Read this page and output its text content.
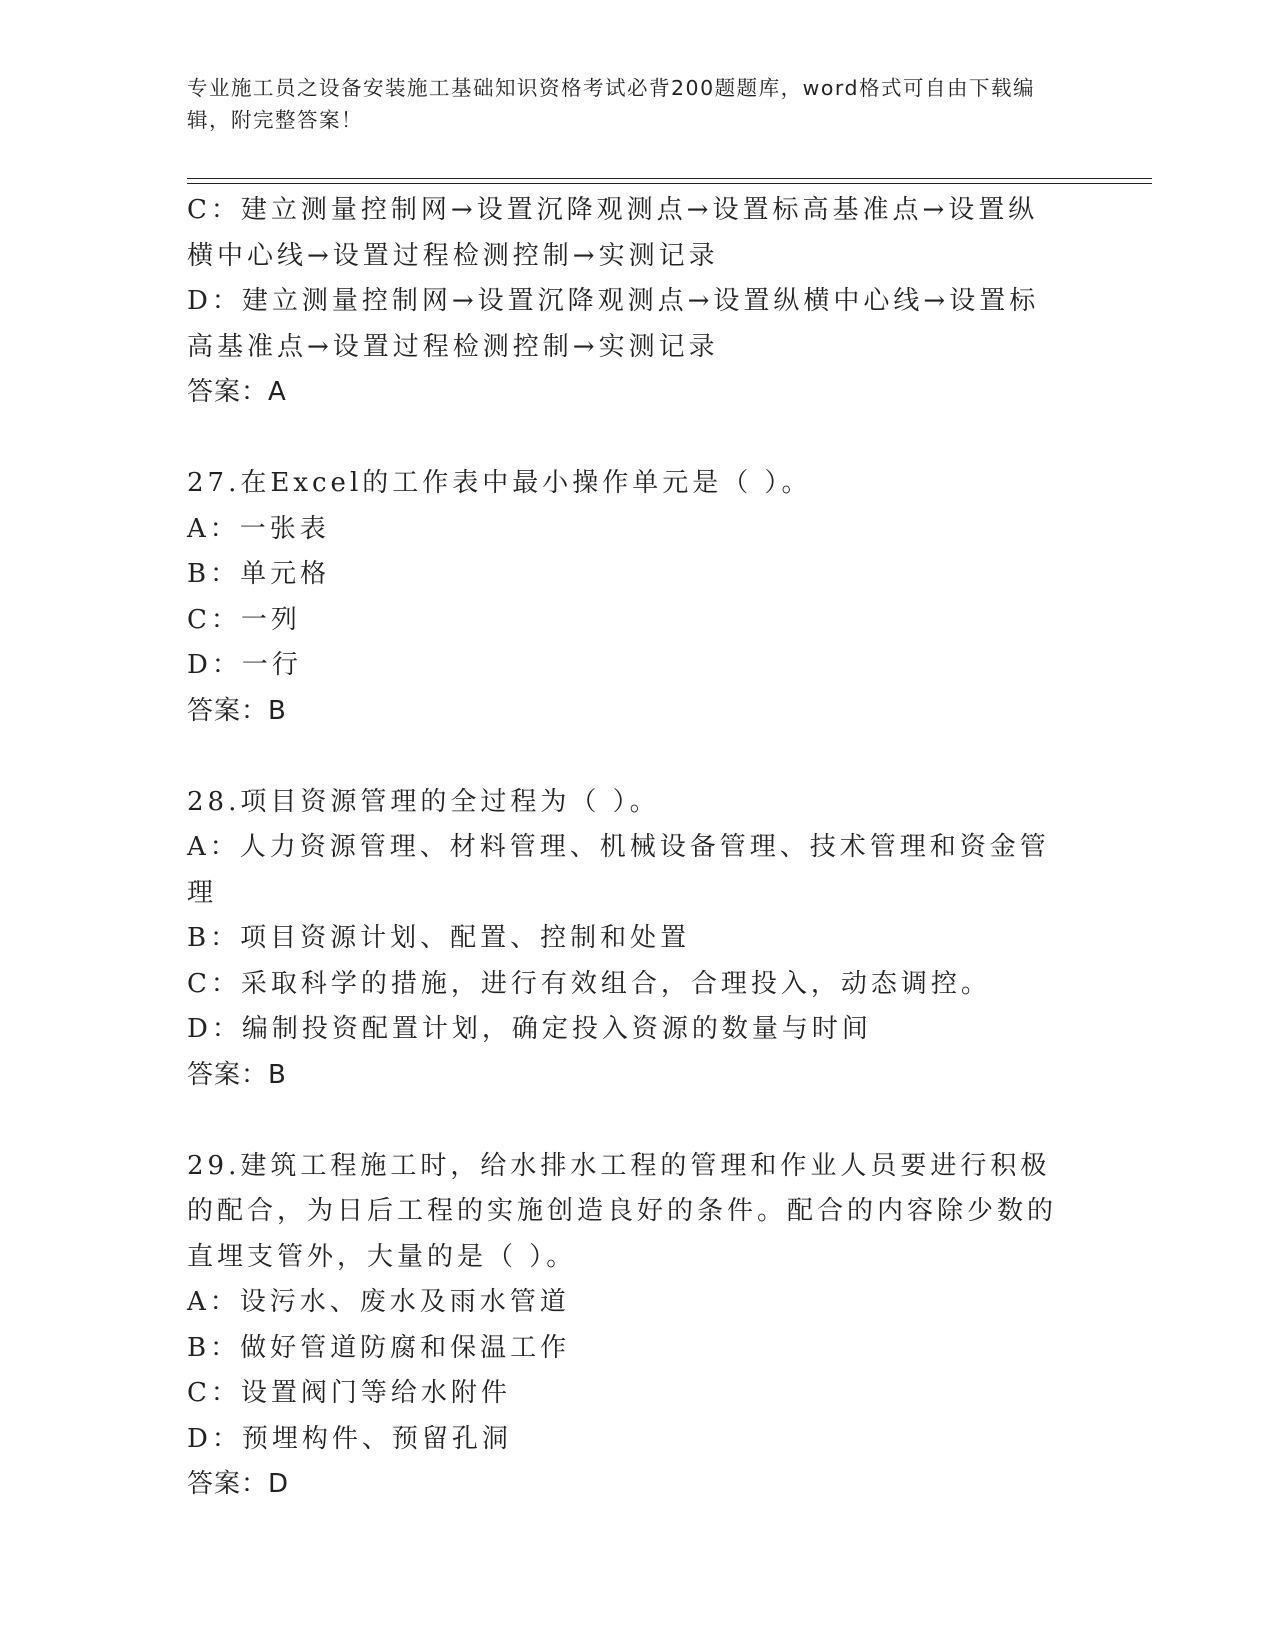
专业施工员之设备安装施工基础知识资格考试必背200题题库，word格式可自由下载编辑，附完整答案！
C：建立测量控制网→设置沉降观测点→设置标高基准点→设置纵横中心线→设置过程检测控制→实测记录
D：建立测量控制网→设置沉降观测点→设置纵横中心线→设置标高基准点→设置过程检测控制→实测记录
答案：A
27.在Excel的工作表中最小操作单元是（ ）。
A：一张表
B：单元格
C：一列
D：一行
答案：B
28.项目资源管理的全过程为（ ）。
A：人力资源管理、材料管理、机械设备管理、技术管理和资金管理
B：项目资源计划、配置、控制和处置
C：采取科学的措施，进行有效组合，合理投入，动态调控。
D：编制投资配置计划，确定投入资源的数量与时间
答案：B
29.建筑工程施工时，给水排水工程的管理和作业人员要进行积极的配合，为日后工程的实施创造良好的条件。配合的内容除少数的直埋支管外，大量的是（ ）。
A：设污水、废水及雨水管道
B：做好管道防腐和保温工作
C：设置阀门等给水附件
D：预埋构件、预留孔洞
答案：D
